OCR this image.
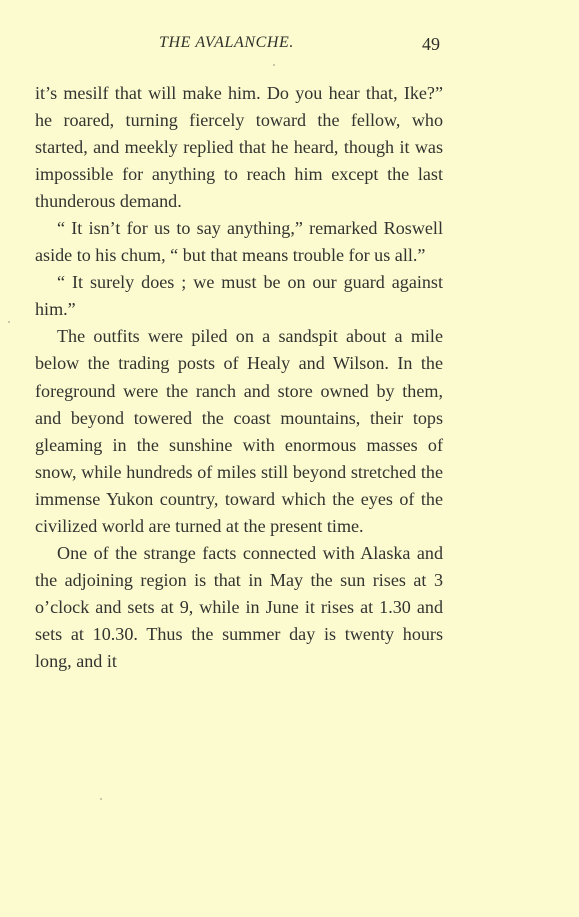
THE AVALANCHE.	49

it’s mesilf that will make him. Do you hear that, Ike?” he roared, turning fiercely toward the fellow, who started, and meekly replied that he heard, though it was impossible for anything to reach him except the last thunderous demand.

“ It isn’t for us to say anything,” remarked Roswell aside to his chum, “ but that means trouble for us all.”

“ It surely does ; we must be on our guard against him.”

The outfits were piled on a sandspit about a mile below the trading posts of Healy and Wilson. In the foreground were the ranch and store owned by them, and beyond towered the coast mountains, their tops gleaming in the sunshine with enormous masses of snow, while hundreds of miles still beyond stretched the immense Yukon country, toward which the eyes of the civilized world are turned at the present time.

One of the strange facts connected with Alaska and the adjoining region is that in May the sun rises at 3 o’clock and sets at 9, while in June it rises at 1.30 and sets at 10.30. Thus the summer day is twenty hours long, and it
